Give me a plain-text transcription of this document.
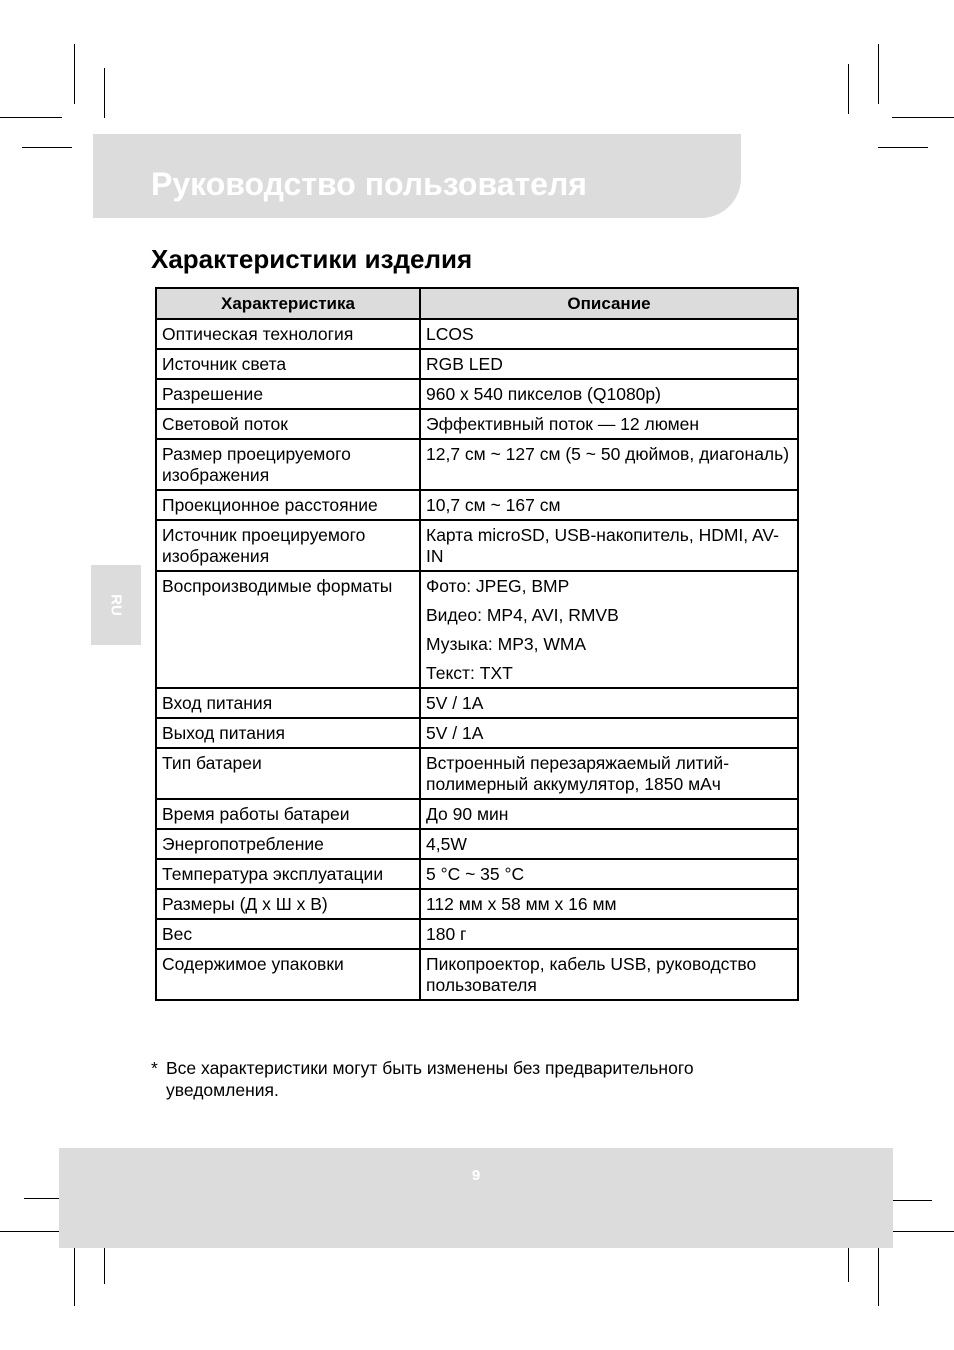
Руководство пользователя
Характеристики изделия
RU
Характеристика	Описание
Оптическая технология	LCOS
Источник света	RGB LED
Разрешение	960 x 540 пикселов (Q1080p)
Световой поток	Эффективный поток — 12 люмен
Размер проецируемого изображения	12,7 см ~ 127 см (5 ~ 50 дюймов, диагональ)
Проекционное расстояние	10,7 см ~ 167 см
Источник проецируемого изображения	Карта microSD, USB-накопитель, HDMI, AV-IN
Воспроизводимые форматы	Фото: JPEG, BMP
Видео: MP4, AVI, RMVB
Музыка: MP3, WMA
Текст: TXT

Вход питания	5V / 1A
Выход питания	5V / 1A
Тип батареи	Встроенный перезаряжаемый литий-полимерный аккумулятор, 1850 мАч
Время работы батареи	До 90 мин
Энергопотребление	4,5W
Температура эксплуатации	5 °C ~ 35 °C
Размеры (Д х Ш х В)	112 мм х 58 мм х 16 мм
Вес	180 г
Содержимое упаковки	Пикопроектор, кабель USB, руководство пользователя
* Все характеристики могут быть изменены без предварительного уведомления.
9
